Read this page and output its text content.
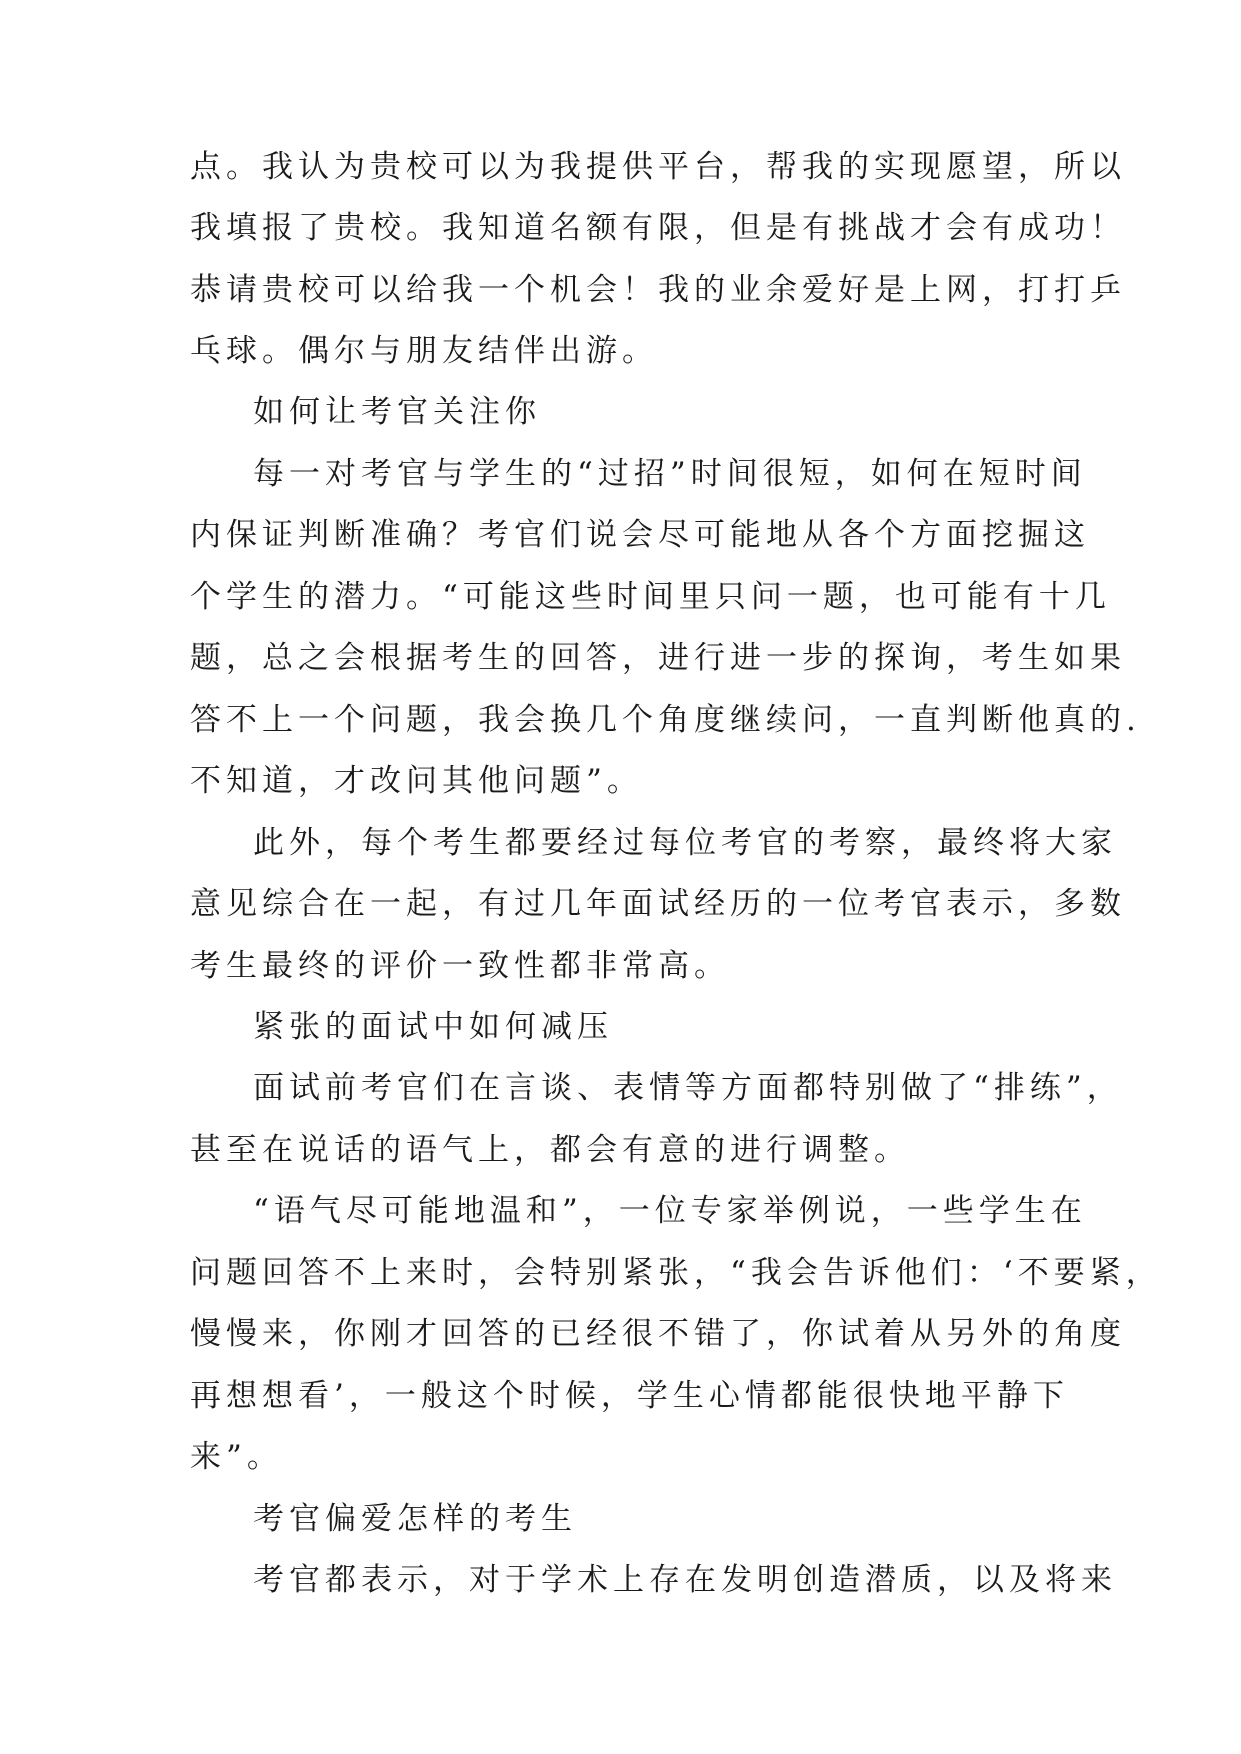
点。我认为贵校可以为我提供平台，帮我的实现愿望，所以
我填报了贵校。我知道名额有限，但是有挑战才会有成功！
恭请贵校可以给我一个机会！我的业余爱好是上网，打打乒
乓球。偶尔与朋友结伴出游。
如何让考官关注你
每一对考官与学生的“过招”时间很短，如何在短时间
内保证判断准确？考官们说会尽可能地从各个方面挖掘这
个学生的潜力。“可能这些时间里只问一题，也可能有十几
题，总之会根据考生的回答，进行进一步的探询，考生如果
答不上一个问题，我会换几个角度继续问，一直判断他真的.
不知道，才改问其他问题”。
此外，每个考生都要经过每位考官的考察，最终将大家
意见综合在一起，有过几年面试经历的一位考官表示，多数
考生最终的评价一致性都非常高。
紧张的面试中如何减压
面试前考官们在言谈、表情等方面都特别做了“排练”，
甚至在说话的语气上，都会有意的进行调整。
“语气尽可能地温和”，一位专家举例说，一些学生在
问题回答不上来时，会特别紧张，“我会告诉他们：‘不要紧，
慢慢来，你刚才回答的已经很不错了，你试着从另外的角度
再想想看’，一般这个时候，学生心情都能很快地平静下
来”。
考官偏爱怎样的考生
考官都表示，对于学术上存在发明创造潜质，以及将来
